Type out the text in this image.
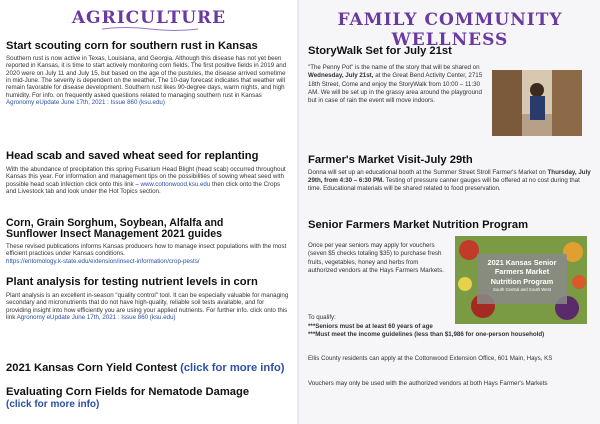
AGRICULTURE
Start scouting corn for southern rust in Kansas
Southern rust is now active in Texas, Louisiana, and Georgia. Although this disease has not yet been reported in Kansas, it is time to start actively monitoring corn fields. The first positive fields in 2019 and 2020 were on July 11 and July 15, but based on the age of the pustules, the disease arrived sometime in mid-June. The severity is dependent on the weather. The 10-day forecast indicates that weather will remain favorable for disease development. Southern rust likes 90-degree days, warm nights, and high humidity. For info. on frequently asked questions related to managing southern rust in Kansas
Agronomy eUpdate June 17th, 2021 : Issue 860 (ksu.edu)
Head scab and saved wheat seed for replanting
With the abundance of precipitation this spring Fusarium Head Blight (head scab) occurred throughout Kansas this year. For information and management tips on the possibilities of sowing wheat seed with possible head scab infection click onto this link – www.cottonwood.ksu.edu then click onto the Crops and Livestock tab and look under the Hot Topics section.
Corn, Grain Sorghum, Soybean, Alfalfa and Sunflower Insect Management 2021 guides
These revised publications informs Kansas producers how to manage insect populations with the most efficient practices under Kansas conditions.
https://entomology.k-state.edu/extension/insect-information/crop-pests/
Plant analysis for testing nutrient levels in corn
Plant analysis is an excellent in-season "quality control" tool. It can be especially valuable for managing secondary and micronutrients that do not have high-quality, reliable soil tests available, and for providing insight into how efficiently you are using your applied nutrients. For further info. click onto this link Agronomy eUpdate June 17th, 2021 : Issue 860 (ksu.edu)
2021 Kansas Corn Yield Contest (click for more info)
Evaluating Corn Fields for Nematode Damage
(click for more info)
FAMILY COMMUNITY WELLNESS
StoryWalk Set for July 21st
"The Penny Pot" is the name of the story that will be shared on Wednesday, July 21st, at the Great Bend Activity Center, 2715 18th Street, Come and enjoy the StoryWalk from 10:00 – 11:30 AM. We will be set up in the grassy area around the playground but in case of rain the event will move indoors.
Farmer's Market Visit-July 29th
Donna will set up an educational booth at the Summer Street Stroll Farmer's Market on Thursday, July 29th, from 4:30 – 6:30 PM. Testing of pressure canner gauges will be offered at no cost during that time. Educational materials will be shared related to food preservation.
Senior Farmers Market Nutrition Program
Once per year seniors may apply for vouchers (seven $5 checks totaling $35) to purchase fresh fruits, vegetables, honey and herbs from authorized vendors at the Hays Farmers Markets.
2021 Kansas Senior
Farmers Market
Nutrition Program
South Central and South West
To qualify:
***Seniors must be at least 60 years of age
***Must meet the income guidelines (less than $1,986 for one-person household)
Ellis County residents can apply at the Cottonwood Extension Office, 601 Main, Hays, KS
Vouchers may only be used with the authorized vendors at both Hays Farmer's Markets
